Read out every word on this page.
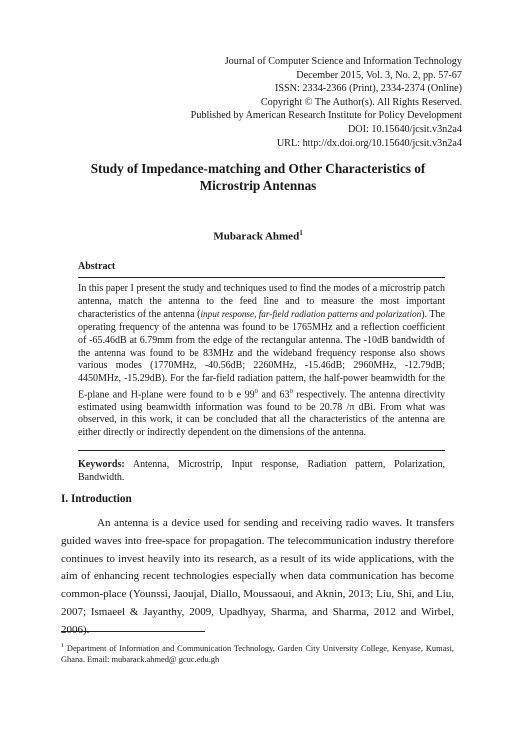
Journal of Computer Science and Information Technology
December 2015, Vol. 3, No. 2, pp. 57-67
ISSN: 2334-2366 (Print), 2334-2374 (Online)
Copyright © The Author(s). All Rights Reserved.
Published by American Research Institute for Policy Development
DOI: 10.15640/jcsit.v3n2a4
URL: http://dx.doi.org/10.15640/jcsit.v3n2a4
Study of Impedance-matching and Other Characteristics of
Microstrip Antennas
Mubarack Ahmed$^1$
Abstract

In this paper I present the study and techniques used to find the modes of a microstrip patch antenna, match the antenna to the feed line and to measure the most important characteristics of the antenna (input response, far-field radiation patterns and polarization). The operating frequency of the antenna was found to be 1765MHz and a reflection coefficient of -65.46dB at 6.79mm from the edge of the rectangular antenna. The -10dB bandwidth of the antenna was found to be 83MHz and the wideband frequency response also shows various modes (1770MHz, -40.56dB; 2260MHz, -15.46dB; 2960MHz, -12.79dB; 4450MHz, -15.29dB). For the far-field radiation pattern, the half-power beamwidth for the E-plane and H-plane were found to b e $99^0$ and $63^0$ respectively. The antenna directivity estimated using beamwidth information was found to be 20.78 /π dBi. From what was observed, in this work, it can be concluded that all the characteristics of the antenna are either directly or indirectly dependent on the dimensions of the antenna.

Keywords: Antenna, Microstrip, Input response, Radiation pattern, Polarization, Bandwidth.
I. Introduction

An antenna is a device used for sending and receiving radio waves. It transfers guided waves into free-space for propagation. The telecommunication industry therefore continues to invest heavily into its research, as a result of its wide applications, with the aim of enhancing recent technologies especially when data communication has become common-place (Younssi, Jaoujal, Diallo, Moussaoui, and Aknin, 2013; Liu, Shi, and Liu, 2007; Ismaeel & Jayanthy, 2009, Upadhyay, Sharma, and Sharma, 2012 and Wirbel, 2006).

$^1$ Department of Information and Communication Technology, Garden City University College, Kenyase, Kumasi, Ghana. Email: mubarack.ahmed@ gcuc.edu.gh
